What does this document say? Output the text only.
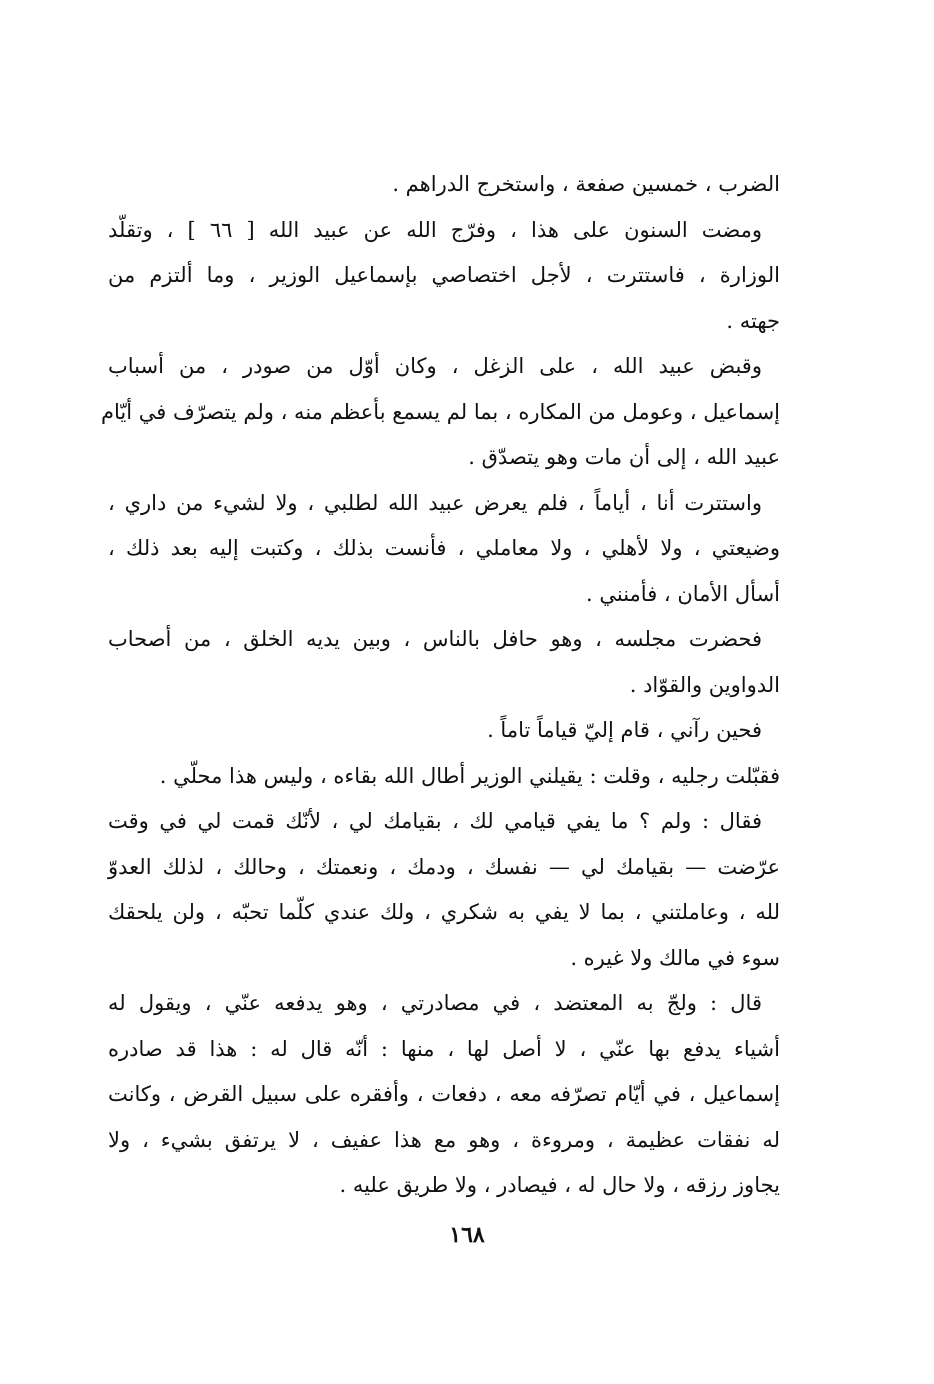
الضرب ، خمسين صفعة ، واستخرج الدراهم .
ومضت السنون على هذا ، وفرّج الله عن عبيد الله [ ٦٦ ] ، وتقلّد
الوزارة ، فاستترت ، لأجل اختصاصي بإسماعيل الوزير ، وما ألتزم من
جهته .
وقبض عبيد الله ، على الزغل ، وكان أوّل من صودر ، من أسباب
إسماعيل ، وعومل من المكاره ، بما لم يسمع بأعظم منه ، ولم يتصرّف في أيّام
عبيد الله ، إلى أن مات وهو يتصدّق .
واستترت أنا ، أياماً ، فلم يعرض عبيد الله لطلبي ، ولا لشيء من داري ،
وضيعتي ، ولا لأهلي ، ولا معاملي ، فأنست بذلك ، وكتبت إليه بعد ذلك ،
أسأل الأمان ، فأمنني .
فحضرت مجلسه ، وهو حافل بالناس ، وبين يديه الخلق ، من أصحاب
الدواوين والقوّاد .
فحين رآني ، قام إليّ قياماً تاماً .
فقبّلت رجليه ، وقلت : يقيلني الوزير أطال الله بقاءه ، وليس هذا محلّي .
فقال : ولم ؟ ما يفي قيامي لك ، بقيامك لي ، لأنّك قمت لي في وقت
عرّضت — بقيامك لي — نفسك ، ودمك ، ونعمتك ، وحالك ، لذلك العدوّ
لله ، وعاملتني ، بما لا يفي به شكري ، ولك عندي كلّما تحبّه ، ولن يلحقك
سوء في مالك ولا غيره .
قال : ولجّ به المعتضد ، في مصادرتي ، وهو يدفعه عنّي ، ويقول له
أشياء يدفع بها عنّي ، لا أصل لها ، منها : أنّه قال له : هذا قد صادره
إسماعيل ، في أيّام تصرّفه معه ، دفعات ، وأفقره على سبيل القرض ، وكانت
له نفقات عظيمة ، ومروءة ، وهو مع هذا عفيف ، لا يرتفق بشيء ، ولا
يجاوز رزقه ، ولا حال له ، فيصادر ، ولا طريق عليه .
١٦٨
